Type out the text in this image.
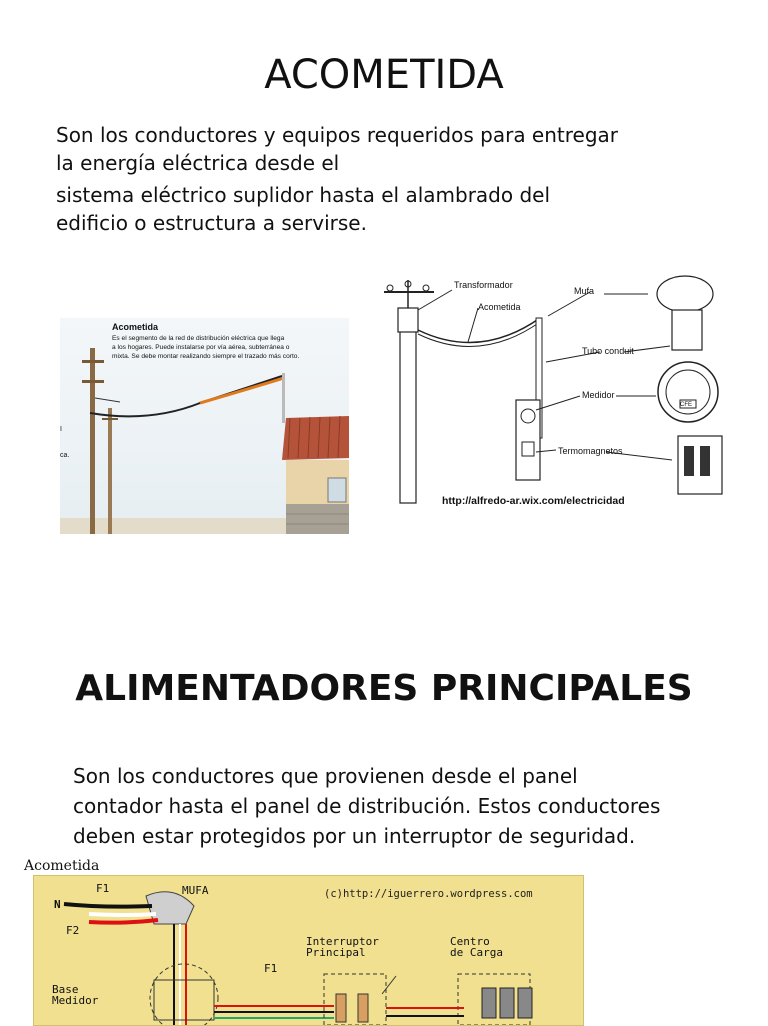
ACOMETIDA
Son los conductores y equipos requeridos para entregar
la energía eléctrica desde el
sistema eléctrico suplidor hasta el alambrado del
edificio o estructura a servirse.
Acometida
Es el segmento de la red de distribución eléctrica que llega
a los hogares. Puede instalarse por vía aérea, subterránea o
mixta. Se debe montar realizando siempre el trazado más corto.
I
ca.
Transformador
Acometida
Mufa
Tubo conduit
Medidor
Termomagnetos
CFE
http://alfredo-ar.wix.com/electricidad
ALIMENTADORES PRINCIPALES
Son los conductores que provienen desde el panel
contador hasta el panel de distribución. Estos conductores
deben estar protegidos por un interruptor de seguridad.
Acometida
F1
N
F2
MUFA	(c)http://iguerrero.wordpress.com
Interruptor
Principal
Centro
de Carga
Base
Medidor
F1
